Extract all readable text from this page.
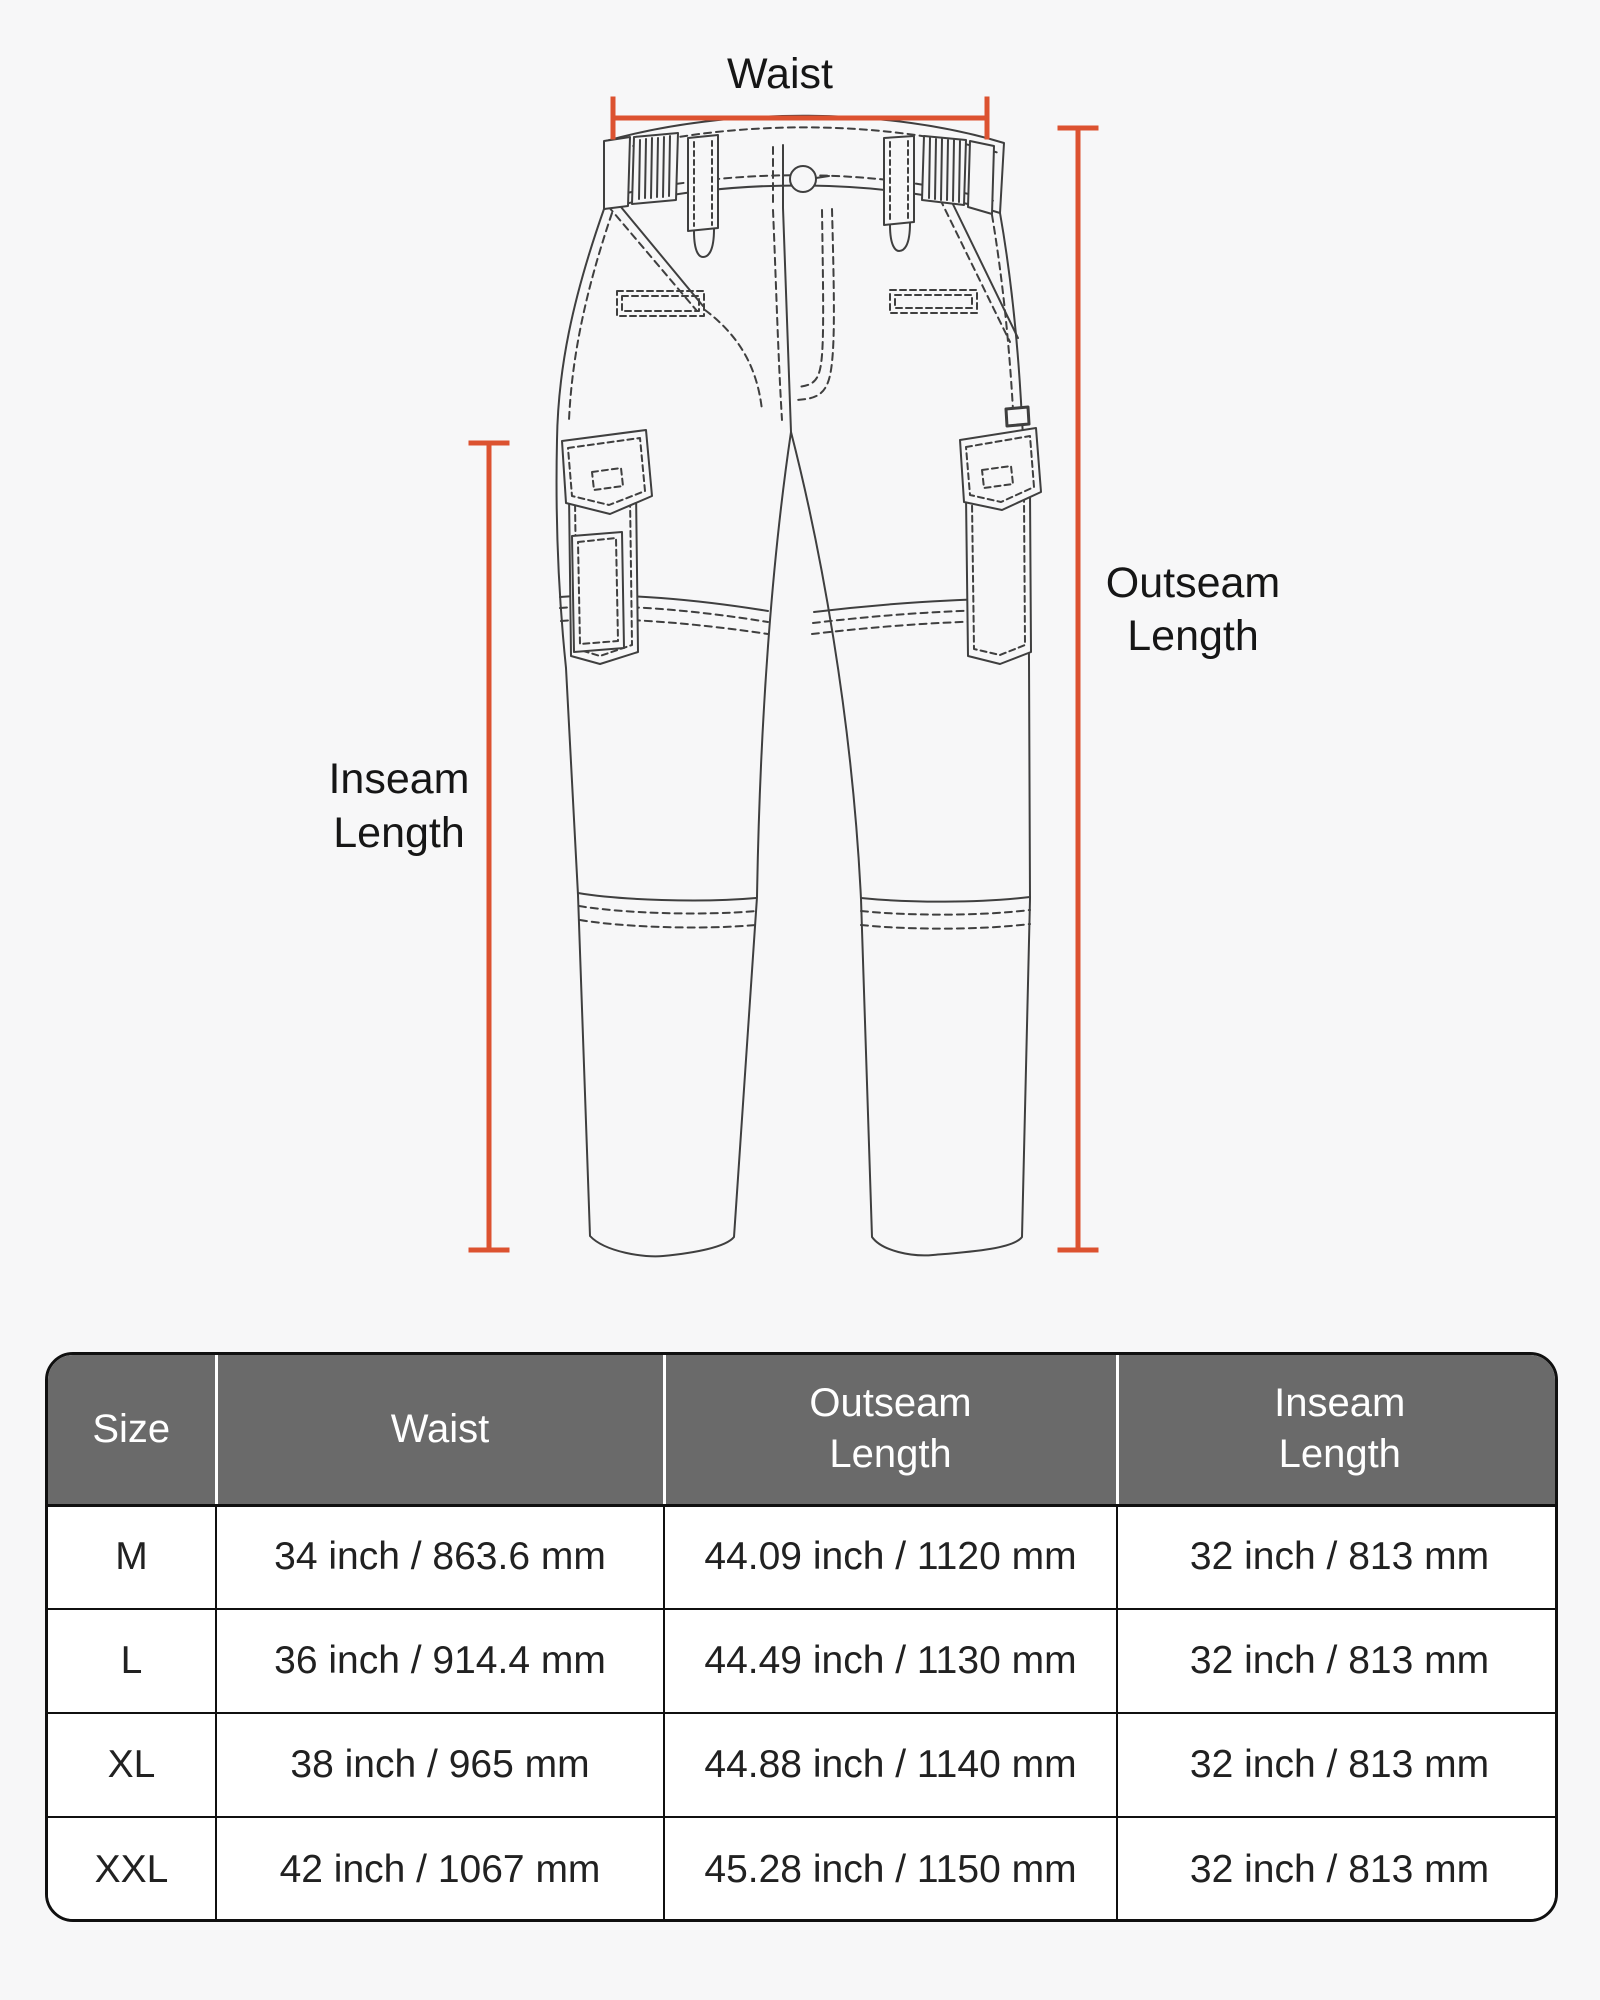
Waist
Inseam
Length
Outseam
Length
Size	Waist	Outseam Length	Inseam Length
M	34 inch / 863.6 mm	44.09 inch / 1120 mm	32 inch / 813 mm
L	36 inch / 914.4 mm	44.49 inch / 1130 mm	32 inch / 813 mm
XL	38 inch / 965 mm	44.88 inch / 1140 mm	32 inch / 813 mm
XXL	42 inch / 1067 mm	45.28 inch / 1150 mm	32 inch / 813 mm
